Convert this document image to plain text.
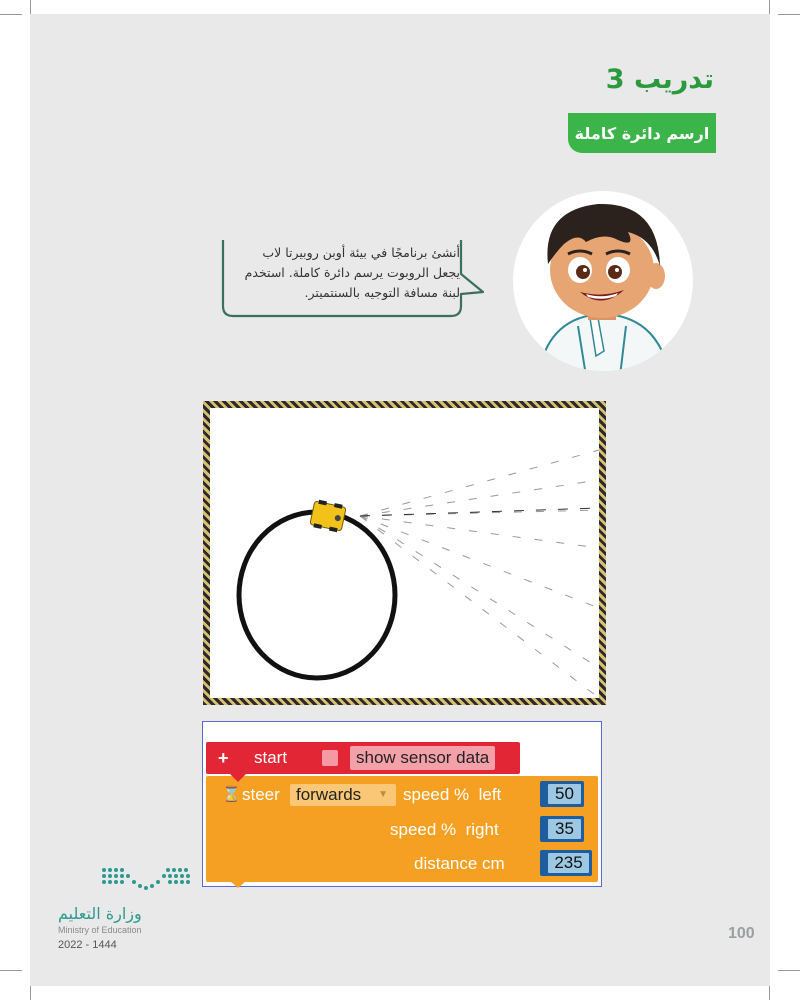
تدريب 3
ارسم دائرة كاملة
أنشئ برنامجًا في بيئة أوبن روبيرتا لاب
يجعل الروبوت يرسم دائرة كاملة. استخدم
لبنة مسافة التوجيه بالسنتميتر.
+ start	show sensor data
⌛ steer forwards ▼ speed %  left	50
speed %  right	35
distance cm	235
وزارة التعليم
Ministry of Education
2022 - 1444
100
